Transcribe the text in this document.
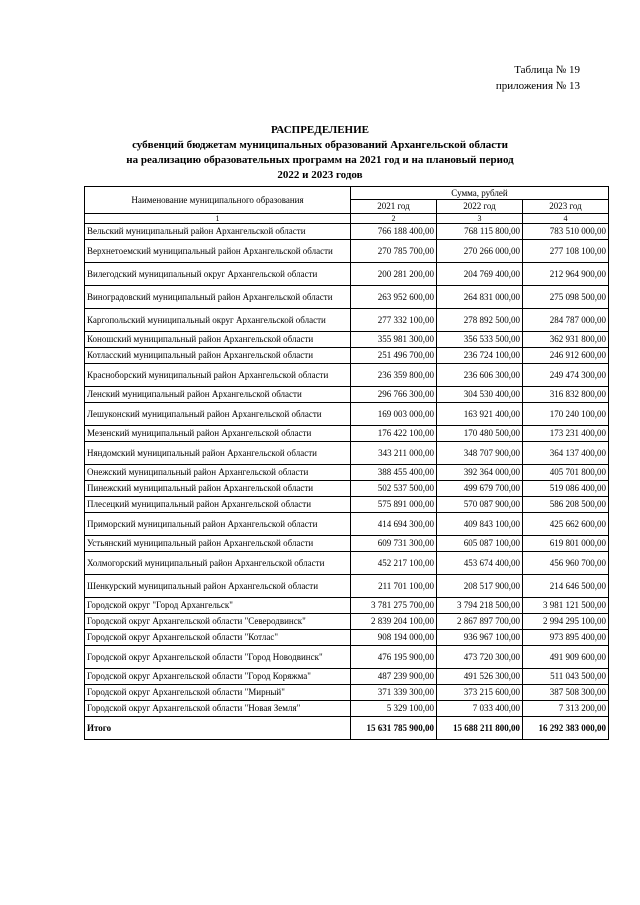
Таблица № 19
приложения № 13
РАСПРЕДЕЛЕНИЕ
субвенций бюджетам муниципальных образований Архангельской области
на реализацию образовательных программ на 2021 год и на плановый период
2022 и 2023 годов
Наименование муниципального образования	Сумма, рублей		
	2021 год	2022 год	2023 год
1	2	3	4
Вельский муниципальный район Архангельской области	766 188 400,00	768 115 800,00	783 510 000,00
Верхнетоемский муниципальный район Архангельской области	270 785 700,00	270 266 000,00	277 108 100,00
Вилегодский муниципальный округ Архангельской области	200 281 200,00	204 769 400,00	212 964 900,00
Виноградовский муниципальный район Архангельской области	263 952 600,00	264 831 000,00	275 098 500,00
Каргопольский муниципальный округ Архангельской области	277 332 100,00	278 892 500,00	284 787 000,00
Коношский муниципальный район Архангельской области	355 981 300,00	356 533 500,00	362 931 800,00
Котласский муниципальный район Архангельской области	251 496 700,00	236 724 100,00	246 912 600,00
Красноборский муниципальный район Архангельской области	236 359 800,00	236 606 300,00	249 474 300,00
Ленский муниципальный район Архангельской области	296 766 300,00	304 530 400,00	316 832 800,00
Лешуконский муниципальный район Архангельской области	169 003 000,00	163 921 400,00	170 240 100,00
Мезенский муниципальный район Архангельской области	176 422 100,00	170 480 500,00	173 231 400,00
Няндомский муниципальный район Архангельской области	343 211 000,00	348 707 900,00	364 137 400,00
Онежский муниципальный район Архангельской области	388 455 400,00	392 364 000,00	405 701 800,00
Пинежский муниципальный район Архангельской области	502 537 500,00	499 679 700,00	519 086 400,00
Плесецкий муниципальный район Архангельской области	575 891 000,00	570 087 900,00	586 208 500,00
Приморский муниципальный район Архангельской области	414 694 300,00	409 843 100,00	425 662 600,00
Устьянский муниципальный район Архангельской области	609 731 300,00	605 087 100,00	619 801 000,00
Холмогорский муниципальный район Архангельской области	452 217 100,00	453 674 400,00	456 960 700,00
Шенкурский муниципальный район Архангельской области	211 701 100,00	208 517 900,00	214 646 500,00
Городской округ "Город Архангельск"	3 781 275 700,00	3 794 218 500,00	3 981 121 500,00
Городской округ Архангельской области "Северодвинск"	2 839 204 100,00	2 867 897 700,00	2 994 295 100,00
Городской округ Архангельской области "Котлас"	908 194 000,00	936 967 100,00	973 895 400,00
Городской округ Архангельской области "Город Новодвинск"	476 195 900,00	473 720 300,00	491 909 600,00
Городской округ Архангельской области "Город Коряжма"	487 239 900,00	491 526 300,00	511 043 500,00
Городской округ Архангельской области "Мирный"	371 339 300,00	373 215 600,00	387 508 300,00
Городской округ Архангельской области "Новая Земля"	5 329 100,00	7 033 400,00	7 313 200,00
Итого	15 631 785 900,00	15 688 211 800,00	16 292 383 000,00
